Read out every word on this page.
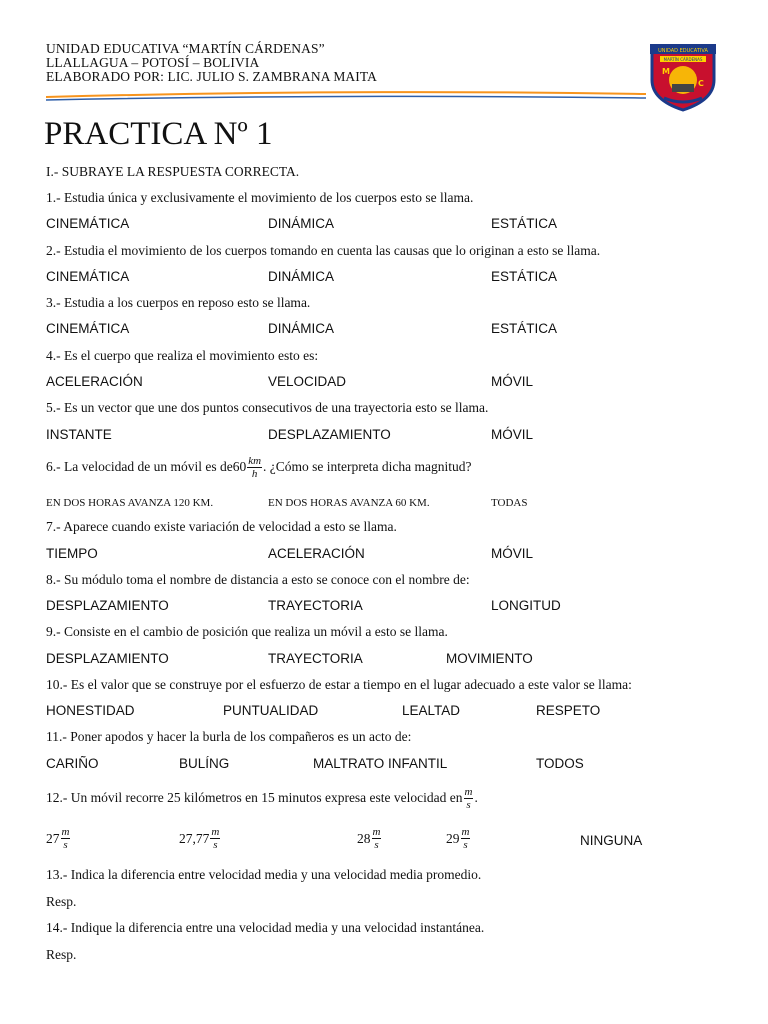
UNIDAD EDUCATIVA “MARTÍN CÁRDENAS”
LLALLAGUA – POTOSÍ – BOLIVIA
ELABORADO POR: LIC. JULIO S. ZAMBRANA MAITA
UNIDAD EDUCATIVA
MARTÍN CÁRDENAS
M
C
PRACTICA Nº 1
I.- SUBRAYE LA RESPUESTA CORRECTA.
1.- Estudia única y exclusivamente el movimiento de los cuerpos esto se llama.
CINEMÁTICA	DINÁMICA	ESTÁTICA
2.- Estudia el movimiento de los cuerpos tomando en cuenta las causas que lo originan a esto se llama.
CINEMÁTICA	DINÁMICA	ESTÁTICA
3.- Estudia a los cuerpos en reposo esto se llama.
CINEMÁTICA	DINÁMICA	ESTÁTICA
4.- Es el cuerpo que realiza el movimiento esto es:
ACELERACIÓN	VELOCIDAD	MÓVIL
5.- Es un vector que une dos puntos consecutivos de una trayectoria esto se llama.
INSTANTE	DESPLAZAMIENTO	MÓVIL
6.- La velocidad de un móvil es de $60 \frac{km}{h}$ . ¿Cómo se interpreta dicha magnitud?
EN DOS HORAS AVANZA 120 KM.	EN DOS HORAS AVANZA 60 KM.	TODAS
7.- Aparece cuando existe variación de velocidad a esto se llama.
TIEMPO	ACELERACIÓN	MÓVIL
8.- Su módulo toma el nombre de distancia a esto se conoce con el nombre de:
DESPLAZAMIENTO	TRAYECTORIA	LONGITUD
9.- Consiste en el cambio de posición que realiza un móvil a esto se llama.
DESPLAZAMIENTO	TRAYECTORIA	MOVIMIENTO
10.- Es el valor que se construye por el esfuerzo de estar a tiempo en el lugar adecuado a este valor se llama:
HONESTIDAD	PUNTUALIDAD	LEALTAD	RESPETO
11.- Poner apodos y hacer la burla de los compañeros es un acto de:
CARIÑO	BULÍNG	MALTRATO INFANTIL	TODOS
12.- Un móvil recorre 25 kilómetros en 15 minutos expresa este velocidad en $\frac{m}{s}$ .
$27 \frac{m}{s}$	$27,77 \frac{m}{s}$	$28 \frac{m}{s}$	$29 \frac{m}{s}$	NINGUNA
13.- Indica la diferencia entre velocidad media y una velocidad media promedio.
Resp.
14.- Indique la diferencia entre una velocidad media y una velocidad instantánea.
Resp.
